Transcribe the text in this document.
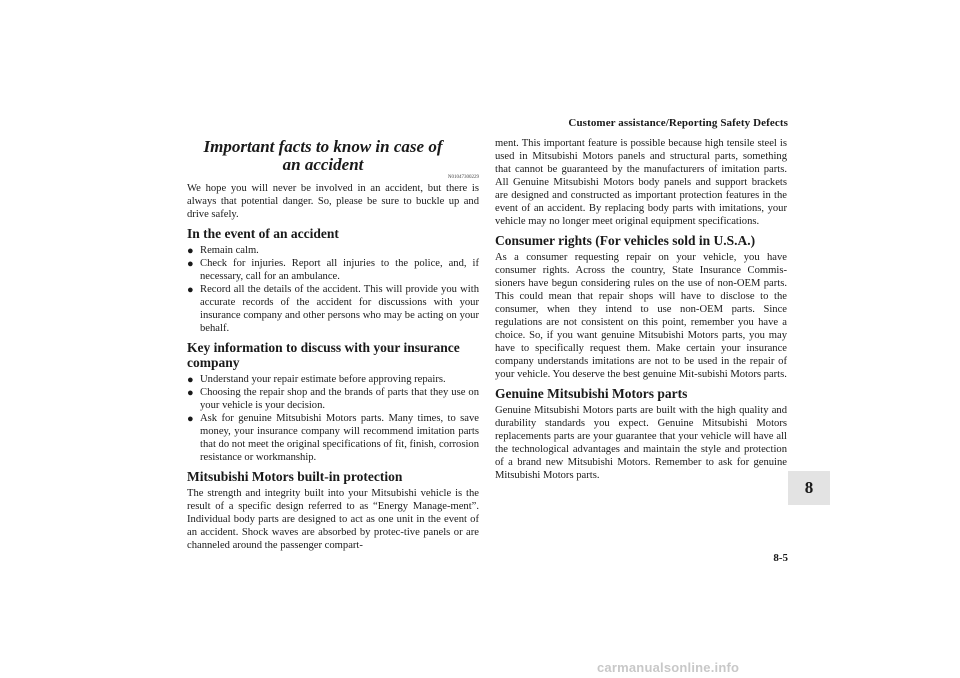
Customer assistance/Reporting Safety Defects
8
8-5
Important facts to know in case of
an accident
N01047300229

We hope you will never be involved in an accident, but there is always that potential danger. So, please be sure to buckle up and drive safely.

In the event of an accident
● Remain calm.
● Check for injuries. Report all injuries to the police, and, if necessary, call for an ambulance.
● Record all the details of the accident. This will provide you with accurate records of the accident for discussions with your insurance company and other persons who may be acting on your behalf.
Key information to discuss with your insurance company
● Understand your repair estimate before approving repairs.
● Choosing the repair shop and the brands of parts that they use on your vehicle is your decision.
● Ask for genuine Mitsubishi Motors parts. Many times, to save money, your insurance company will recommend imitation parts that do not meet the original specifications of fit, finish, corrosion resistance or workmanship.
Mitsubishi Motors built-in protection

The strength and integrity built into your Mitsubishi vehicle is the result of a specific design referred to as “Energy Manage-ment”. Individual body parts are designed to act as one unit in the event of an accident. Shock waves are absorbed by protec-tive panels or are channeled around the passenger compart-

ment. This important feature is possible because high tensile steel is used in Mitsubishi Motors panels and structural parts, something that cannot be guaranteed by the manufacturers of imitation parts. All Genuine Mitsubishi Motors body panels and support brackets are designed and constructed as important protection features in the event of an accident. By replacing body parts with imitations, your vehicle may no longer meet original equipment specifications.

Consumer rights (For vehicles sold in U.S.A.)

As a consumer requesting repair on your vehicle, you have consumer rights. Across the country, State Insurance Commis-sioners have begun considering rules on the use of non-OEM parts. This could mean that repair shops will have to disclose to the consumer, when they intend to use non-OEM parts. Since regulations are not consistent on this point, remember you have a choice. So, if you want genuine Mitsubishi Motors parts, you may have to specifically request them. Make certain your insurance company understands imitations are not to be used in the repair of your vehicle. You deserve the best genuine Mit-subishi Motors parts.

Genuine Mitsubishi Motors parts

Genuine Mitsubishi Motors parts are built with the high quality and durability standards you expect. Genuine Mitsubishi Motors replacements parts are your guarantee that your vehicle will have all the technological advantages and maintain the style and protection of a brand new Mitsubishi Motors. Remember to ask for genuine Mitsubishi Motors parts.

carmanualsonline.info
